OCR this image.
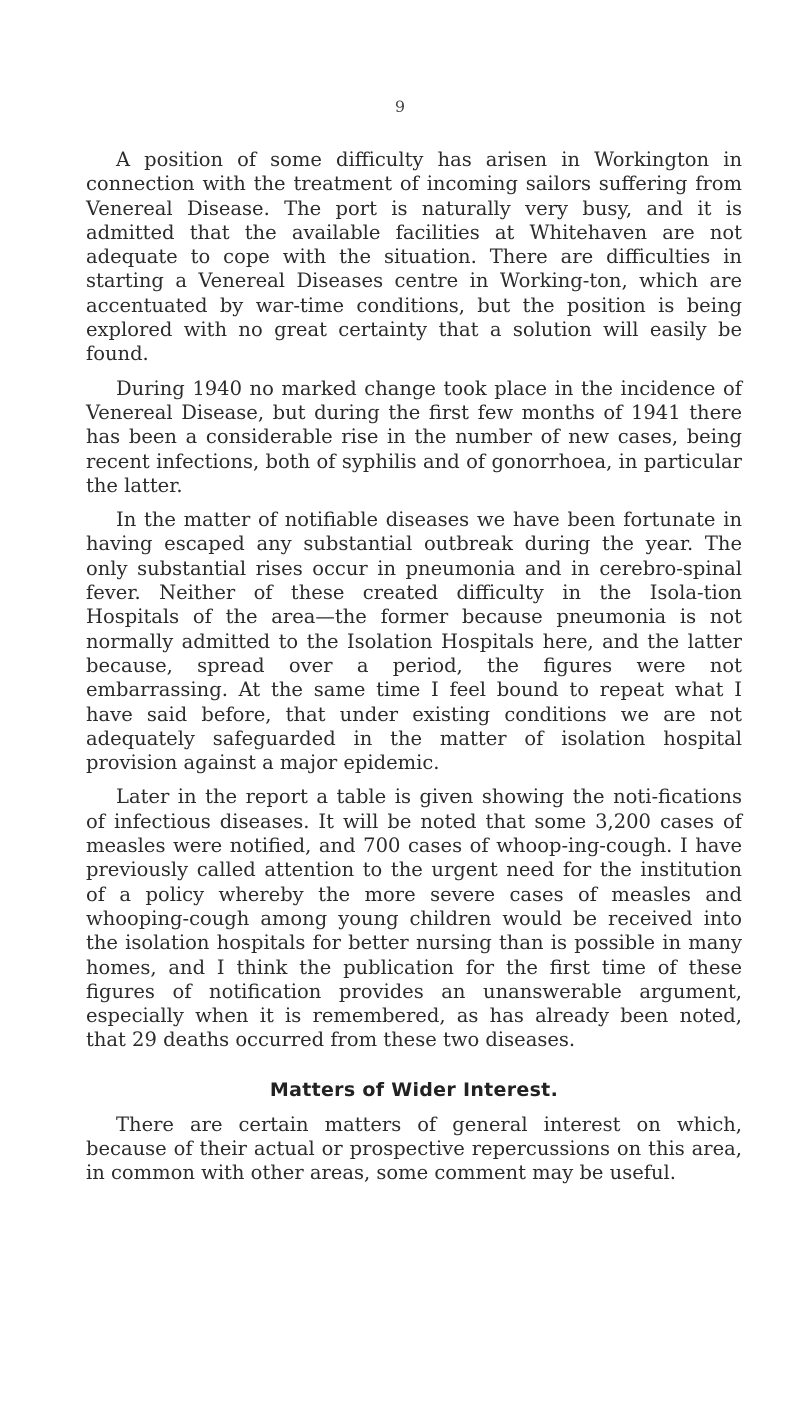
9

A position of some difficulty has arisen in Workington in connection with the treatment of incoming sailors suffering from Venereal Disease. The port is naturally very busy, and it is admitted that the available facilities at Whitehaven are not adequate to cope with the situation. There are difficulties in starting a Venereal Diseases centre in Working-ton, which are accentuated by war-time conditions, but the position is being explored with no great certainty that a solution will easily be found.

During 1940 no marked change took place in the incidence of Venereal Disease, but during the first few months of 1941 there has been a considerable rise in the number of new cases, being recent infections, both of syphilis and of gonorrhoea, in particular the latter.

In the matter of notifiable diseases we have been fortunate in having escaped any substantial outbreak during the year. The only substantial rises occur in pneumonia and in cerebro-spinal fever. Neither of these created difficulty in the Isola-tion Hospitals of the area—the former because pneumonia is not normally admitted to the Isolation Hospitals here, and the latter because, spread over a period, the figures were not embarrassing. At the same time I feel bound to repeat what I have said before, that under existing conditions we are not adequately safeguarded in the matter of isolation hospital provision against a major epidemic.

Later in the report a table is given showing the noti-fications of infectious diseases. It will be noted that some 3,200 cases of measles were notified, and 700 cases of whoop-ing-cough. I have previously called attention to the urgent need for the institution of a policy whereby the more severe cases of measles and whooping-cough among young children would be received into the isolation hospitals for better nursing than is possible in many homes, and I think the publication for the first time of these figures of notification provides an unanswerable argument, especially when it is remembered, as has already been noted, that 29 deaths occurred from these two diseases.

Matters of Wider Interest.

There are certain matters of general interest on which, because of their actual or prospective repercussions on this area, in common with other areas, some comment may be useful.
